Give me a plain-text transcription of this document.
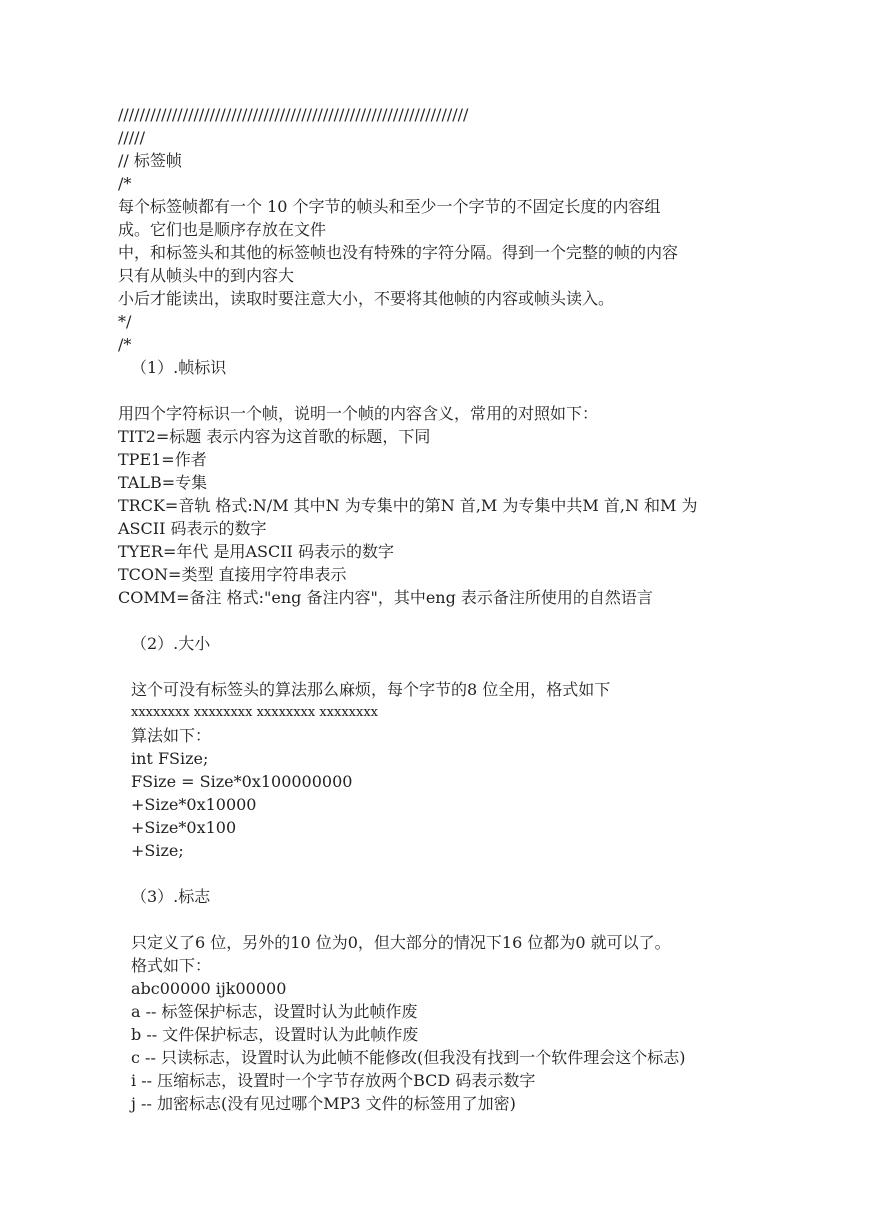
/////////////////////////////////////////////////////////////////
/////
// 标签帧
/*
每个标签帧都有一个 10 个字节的帧头和至少一个字节的不固定长度的内容组
成。它们也是顺序存放在文件
中，和标签头和其他的标签帧也没有特殊的字符分隔。得到一个完整的帧的内容
只有从帧头中的到内容大
小后才能读出，读取时要注意大小，不要将其他帧的内容或帧头读入。
*/
/*
（1）.帧标识
用四个字符标识一个帧，说明一个帧的内容含义，常用的对照如下：
TIT2=标题 表示内容为这首歌的标题，下同
TPE1=作者
TALB=专集
TRCK=音轨 格式:N/M 其中N 为专集中的第N 首,M 为专集中共M 首,N 和M 为
ASCII 码表示的数字
TYER=年代 是用ASCII 码表示的数字
TCON=类型 直接用字符串表示
COMM=备注 格式:"eng 备注内容"，其中eng 表示备注所使用的自然语言
（2）.大小
这个可没有标签头的算法那么麻烦，每个字节的8 位全用，格式如下
xxxxxxxx xxxxxxxx xxxxxxxx xxxxxxxx
算法如下：
int FSize;
FSize = Size*0x100000000
+Size*0x10000
+Size*0x100
+Size;
（3）.标志
只定义了6 位，另外的10 位为0，但大部分的情况下16 位都为0 就可以了。
格式如下：
abc00000 ijk00000
a -- 标签保护标志，设置时认为此帧作废
b -- 文件保护标志，设置时认为此帧作废
c -- 只读标志，设置时认为此帧不能修改(但我没有找到一个软件理会这个标志)
i -- 压缩标志，设置时一个字节存放两个BCD 码表示数字
j -- 加密标志(没有见过哪个MP3 文件的标签用了加密)
